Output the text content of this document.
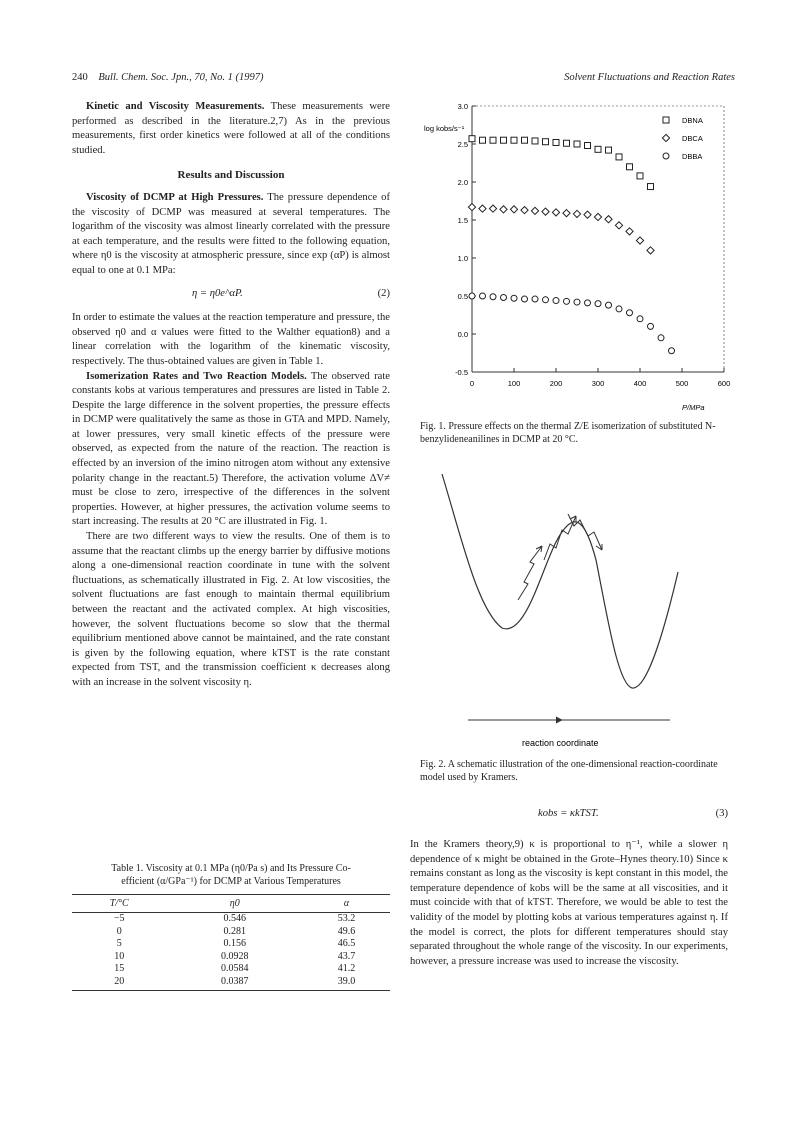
240 Bull. Chem. Soc. Jpn., 70, No. 1 (1997)	Solvent Fluctuations and Reaction Rates

Kinetic and Viscosity Measurements. These measurements were performed as described in the literature.2,7) As in the previous measurements, first order kinetics were followed at all of the conditions studied.

Results and Discussion

Viscosity of DCMP at High Pressures. The pressure dependence of the viscosity of DCMP was measured at several temperatures. The logarithm of the viscosity was almost linearly correlated with the pressure at each temperature, and the results were fitted to the following equation, where η0 is the viscosity at atmospheric pressure, since exp (αP) is almost equal to one at 0.1 MPa:

η = η0e^αP.	(2)

In order to estimate the values at the reaction temperature and pressure, the observed η0 and α values were fitted to the Walther equation8) and a linear correlation with the logarithm of the kinematic viscosity, respectively. The thus-obtained values are given in Table 1.

Isomerization Rates and Two Reaction Models. The observed rate constants kobs at various temperatures and pressures are listed in Table 2. Despite the large difference in the solvent properties, the pressure effects in DCMP were qualitatively the same as those in GTA and MPD. Namely, at lower pressures, very small kinetic effects of the pressure were observed, as expected from the nature of the reaction. The reaction is effected by an inversion of the imino nitrogen atom without any extensive polarity change in the reactant.5) Therefore, the activation volume ΔV≠ must be close to zero, irrespective of the differences in the solvent properties. However, at higher pressures, the activation volume seems to start increasing. The results at 20 °C are illustrated in Fig. 1.

There are two different ways to view the results. One of them is to assume that the reactant climbs up the energy barrier by diffusive motions along a one-dimensional reaction coordinate in tune with the solvent fluctuations, as schematically illustrated in Fig. 2. At low viscosities, the solvent fluctuations are fast enough to maintain thermal equilibrium between the reactant and the activated complex. At high viscosities, however, the solvent fluctuations become so slow that the thermal equilibrium mentioned above cannot be maintained, and the rate constant is given by the following equation, where kTST is the rate constant expected from TST, and the transmission coefficient κ decreases along with an increase in the solvent viscosity η.

Table 1. Viscosity at 0.1 MPa (η0/Pa s) and Its Pressure Co-
efficient (α/GPa⁻¹) for DCMP at Various Temperatures
T/°C	η0	α
−5	0.546	53.2
0	0.281	49.6
5	0.156	46.5
10	0.0928	43.7
15	0.0584	41.2
20	0.0387	39.0
log kobs/s⁻¹
P/MPa
0	100	200	300	400	500	600
-0.5
0.0
0.5
1.0
1.5
2.0
2.5
3.0
DBNA
DBCA
DBBA
Fig. 1. Pressure effects on the thermal Z/E isomerization of substituted N-benzylideneanilines in DCMP at 20 °C.
reaction coordinate
Fig. 2. A schematic illustration of the one-dimensional reaction-coordinate model used by Kramers.
kobs = κkTST.	(3)

In the Kramers theory,9) κ is proportional to η⁻¹, while a slower η dependence of κ might be obtained in the Grote–Hynes theory.10) Since κ remains constant as long as the viscosity is kept constant in this model, the temperature dependence of kobs will be the same at all viscosities, and it must coincide with that of kTST. Therefore, we would be able to test the validity of the model by plotting kobs at various temperatures against η. If the model is correct, the plots for different temperatures should stay separated throughout the whole range of the viscosity. In our experiments, however, a pressure increase was used to increase the viscosity.
